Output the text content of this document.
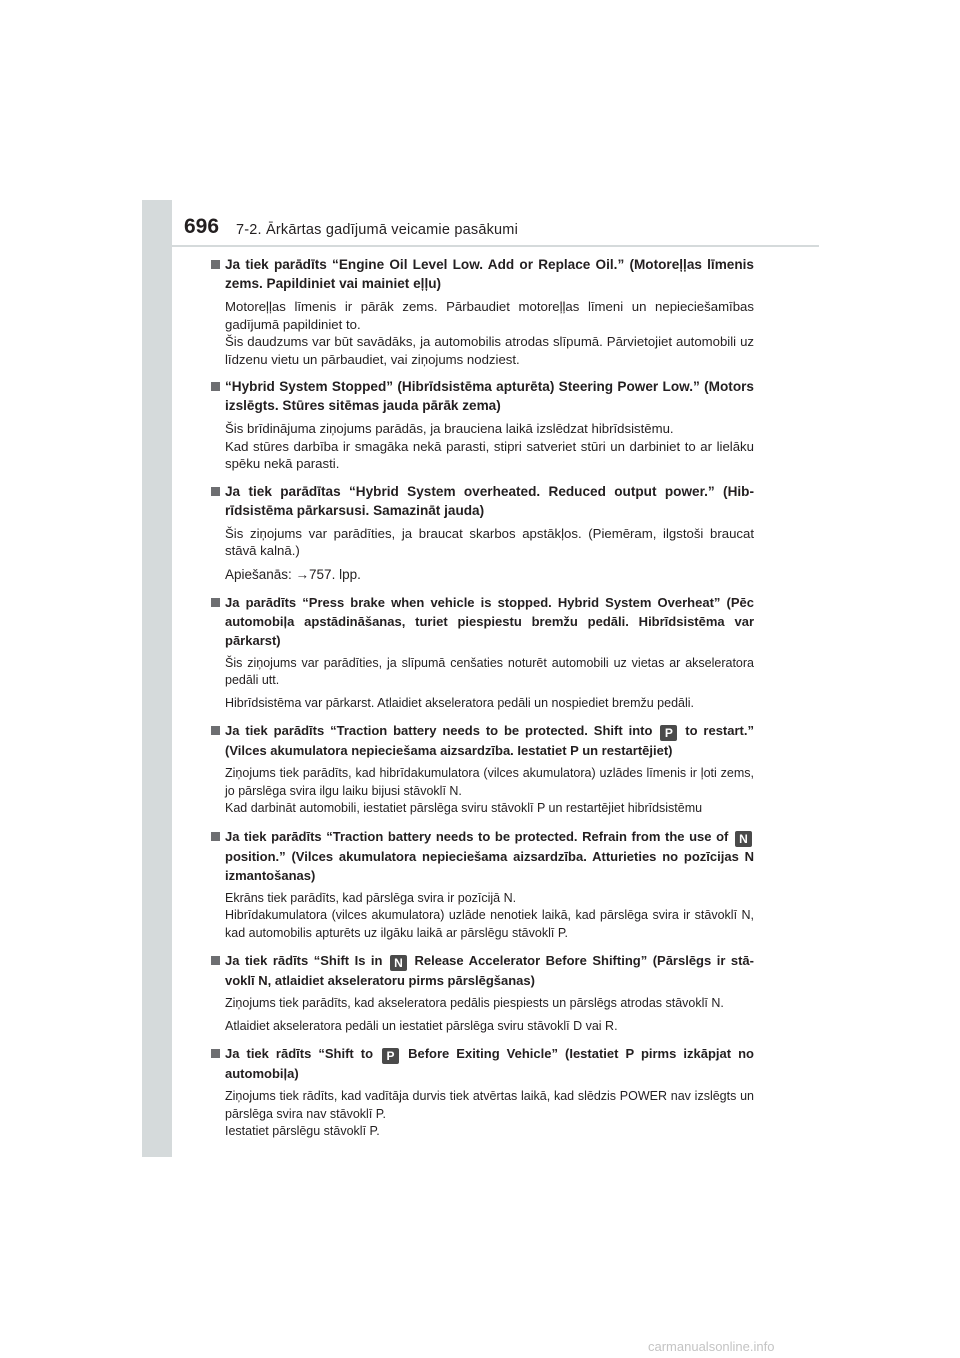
696 7-2. Ārkārtas gadījumā veicamie pasākumi
Ja tiek parādīts “Engine Oil Level Low. Add or Replace Oil.” (Motoreļļas līmenis zems. Papildiniet vai mainiet eļļu)
Motoreļļas līmenis ir pārāk zems. Pārbaudiet motoreļļas līmeni un nepieciešamības gadījumā papildiniet to.
Šis daudzums var būt savādāks, ja automobilis atrodas slīpumā. Pārvietojiet automobili uz līdzenu vietu un pārbaudiet, vai ziņojums nodziest.
“Hybrid System Stopped” (Hibrīdsistēma apturēta) Steering Power Low.” (Motors izslēgts. Stūres sitēmas jauda pārāk zema)
Šis brīdinājuma ziņojums parādās, ja brauciena laikā izslēdzat hibrīdsistēmu.
Kad stūres darbība ir smagāka nekā parasti, stipri satveriet stūri un darbiniet to ar lielāku spēku nekā parasti.
Ja tiek parādītas “Hybrid System overheated. Reduced output power.” (Hibrīdsistēma pārkarsusi. Samazināt jauda)
Šis ziņojums var parādīties, ja braucat skarbos apstākļos. (Piemēram, ilgstoši braucat stāvā kalnā.)
Apiešanās: →757. lpp.
Ja parādīts “Press brake when vehicle is stopped. Hybrid System Overheat” (Pēc automobiļa apstādināšanas, turiet piespiestu bremžu pedāli. Hibrīdsistēma var pārkarst)
Šis ziņojums var parādīties, ja slīpumā cenšaties noturēt automobili uz vietas ar akseleratora pedāli utt.
Hibrīdsistēma var pārkarst. Atlaidiet akseleratora pedāli un nospiediet bremžu pedāli.
Ja tiek parādīts “Traction battery needs to be protected. Shift into P to restart.” (Vilces akumulatora nepieciešama aizsardzība. Iestatiet P un restartējiet)
Ziņojums tiek parādīts, kad hibrīdakumulatora (vilces akumulatora) uzlādes līmenis ir ļoti zems, jo pārslēga svira ilgu laiku bijusi stāvoklī N.
Kad darbināt automobili, iestatiet pārslēga sviru stāvoklī P un restartējiet hibrīdsistēmu
Ja tiek parādīts “Traction battery needs to be protected. Refrain from the use of N position.” (Vilces akumulatora nepieciešama aizsardzība. Atturieties no pozīcijas N izmantošanas)
Ekrāns tiek parādīts, kad pārslēga svira ir pozīcijā N.
Hibrīdakumulatora (vilces akumulatora) uzlāde nenotiek laikā, kad pārslēga svira ir stāvoklī N, kad automobilis apturēts uz ilgāku laikā ar pārslēgu stāvoklī P.
Ja tiek rādīts “Shift Is in N Release Accelerator Before Shifting” (Pārslēgs ir stāvoklī N, atlaidiet akseleratoru pirms pārslēgšanas)
Ziņojums tiek parādīts, kad akseleratora pedālis piespiests un pārslēgs atrodas stāvoklī N.
Atlaidiet akseleratora pedāli un iestatiet pārslēga sviru stāvoklī D vai R.
Ja tiek rādīts “Shift to P Before Exiting Vehicle” (Iestatiet P pirms izkāpjat no automobiļa)
Ziņojums tiek rādīts, kad vadītāja durvis tiek atvērtas laikā, kad slēdzis POWER nav izslēgts un pārslēga svira nav stāvoklī P.
Iestatiet pārslēgu stāvoklī P.
carmanualsonline.info
